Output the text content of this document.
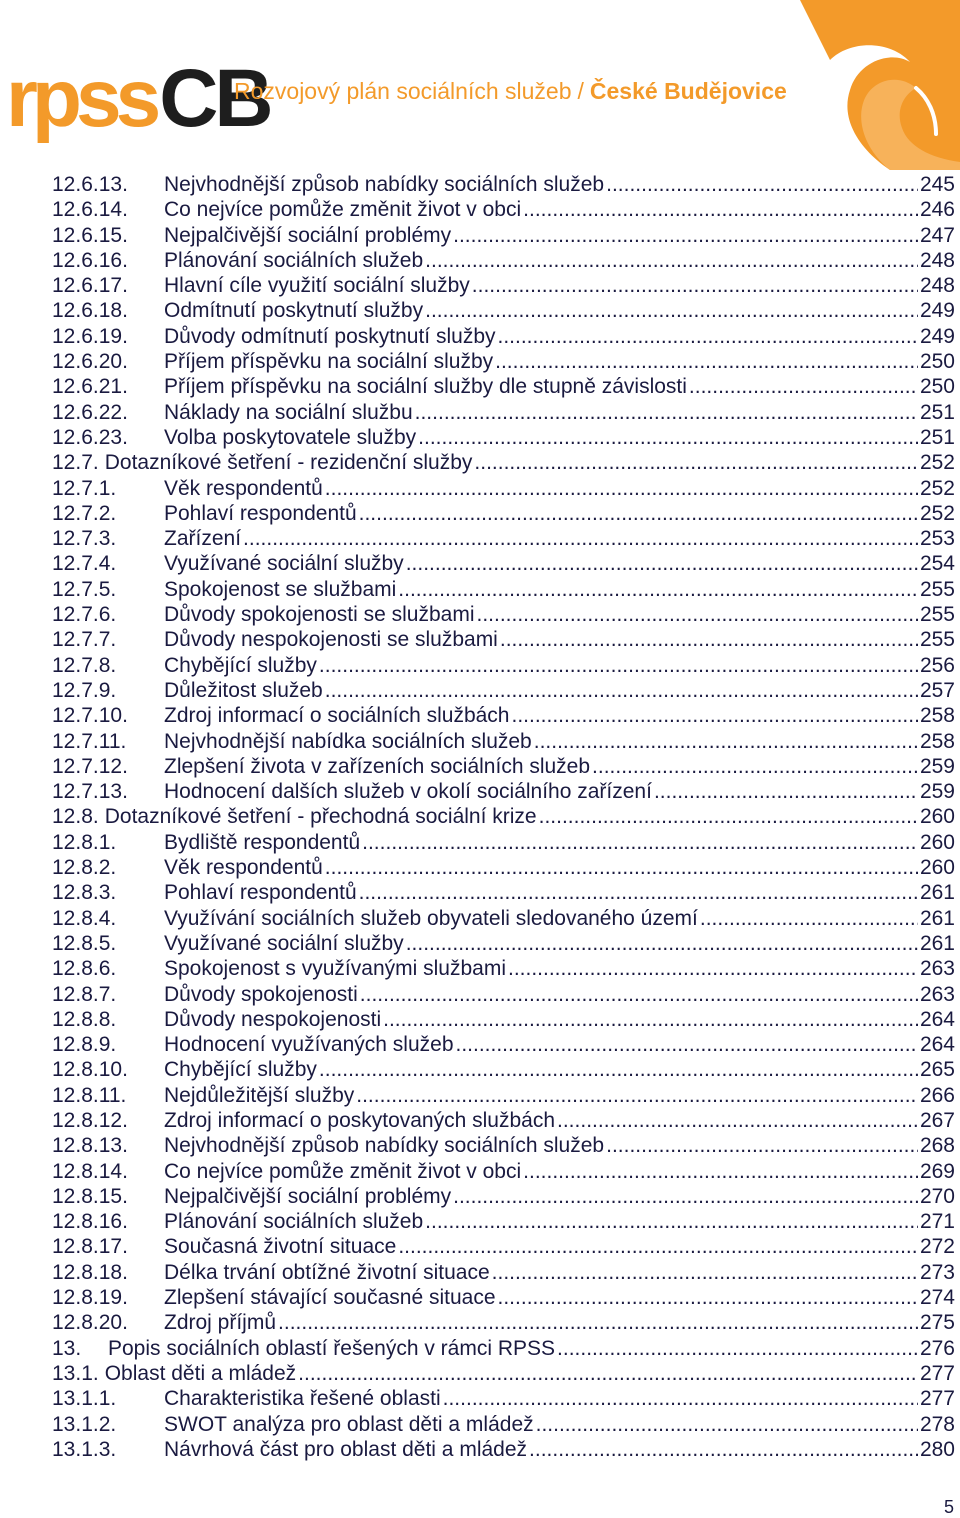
rpss CB
Rozvojový plán sociálních služeb / České Budějovice
12.6.13.	Nejvhodnější způsob nabídky sociálních služeb .....	245
12.6.14.	Co nejvíce pomůže změnit život v obci .....	246
12.6.15.	Nejpalčivější sociální problémy .....	247
12.6.16.	Plánování sociálních služeb .....	248
12.6.17.	Hlavní cíle využití sociální služby .....	248
12.6.18.	Odmítnutí poskytnutí služby .....	249
12.6.19.	Důvody odmítnutí poskytnutí služby .....	249
12.6.20.	Příjem příspěvku na sociální služby .....	250
12.6.21.	Příjem příspěvku na sociální služby dle stupně závislosti .....	250
12.6.22.	Náklady na sociální službu .....	251
12.6.23.	Volba poskytovatele služby .....	251
12.7. Dotazníkové šetření - rezidenční služby .....	252
12.7.1.	Věk respondentů .....	252
12.7.2.	Pohlaví respondentů .....	252
12.7.3.	Zařízení .....	253
12.7.4.	Využívané sociální služby .....	254
12.7.5.	Spokojenost se službami .....	255
12.7.6.	Důvody spokojenosti se službami .....	255
12.7.7.	Důvody nespokojenosti se službami .....	255
12.7.8.	Chybějící služby .....	256
12.7.9.	Důležitost služeb .....	257
12.7.10.	Zdroj informací o sociálních službách .....	258
12.7.11.	Nejvhodnější nabídka sociálních služeb .....	258
12.7.12.	Zlepšení života v zařízeních sociálních služeb .....	259
12.7.13.	Hodnocení dalších služeb v okolí sociálního zařízení .....	259
12.8. Dotazníkové šetření - přechodná sociální krize .....	260
12.8.1.	Bydliště respondentů .....	260
12.8.2.	Věk respondentů .....	260
12.8.3.	Pohlaví respondentů .....	261
12.8.4.	Využívání sociálních služeb obyvateli sledovaného území .....	261
12.8.5.	Využívané sociální služby .....	261
12.8.6.	Spokojenost s využívanými službami .....	263
12.8.7.	Důvody spokojenosti .....	263
12.8.8.	Důvody nespokojenosti .....	264
12.8.9.	Hodnocení využívaných služeb .....	264
12.8.10.	Chybějící služby .....	265
12.8.11.	Nejdůležitější služby .....	266
12.8.12.	Zdroj informací o poskytovaných službách .....	267
12.8.13.	Nejvhodnější způsob nabídky sociálních služeb .....	268
12.8.14.	Co nejvíce pomůže změnit život v obci .....	269
12.8.15.	Nejpalčivější sociální problémy .....	270
12.8.16.	Plánování sociálních služeb .....	271
12.8.17.	Současná životní situace .....	272
12.8.18.	Délka trvání obtížné životní situace .....	273
12.8.19.	Zlepšení stávající současné situace .....	274
12.8.20.	Zdroj příjmů .....	275
13.	Popis sociálních oblastí řešených v rámci RPSS .....	276
13.1. Oblast děti a mládež .....	277
13.1.1.	Charakteristika řešené oblasti .....	277
13.1.2.	SWOT analýza pro oblast děti a mládež .....	278
13.1.3.	Návrhová část pro oblast děti a mládež .....	280
5
